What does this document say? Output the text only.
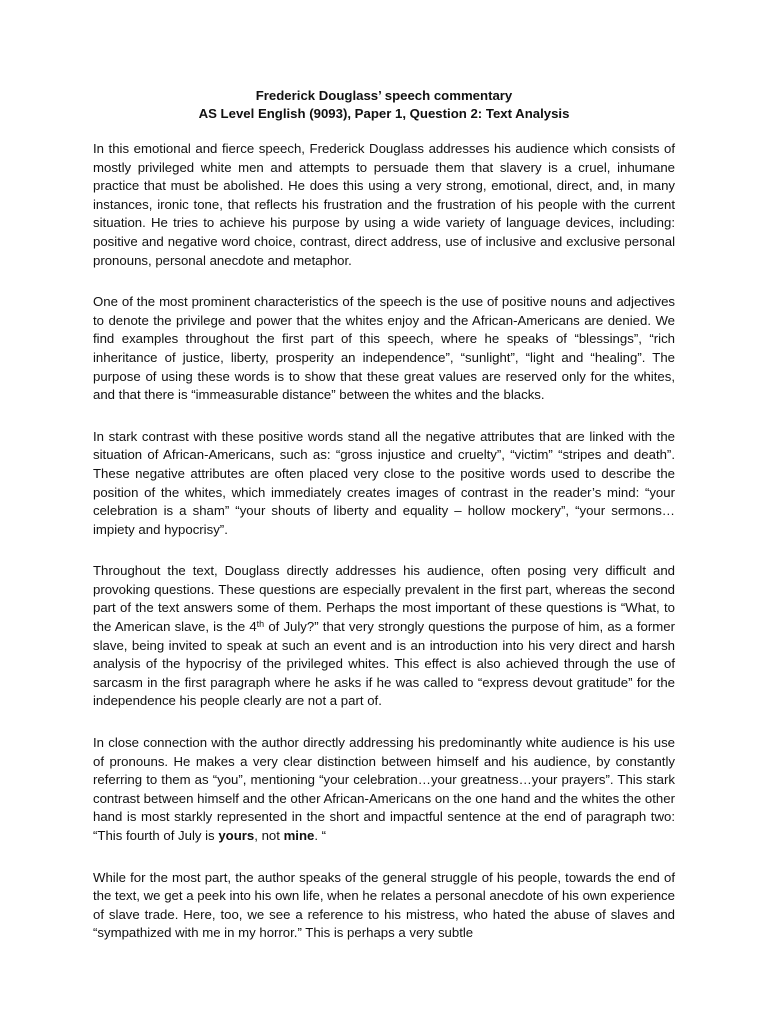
Frederick Douglass’ speech commentary
AS Level English (9093), Paper 1, Question 2: Text Analysis

In this emotional and fierce speech, Frederick Douglass addresses his audience which consists of mostly privileged white men and attempts to persuade them that slavery is a cruel, inhumane practice that must be abolished. He does this using a very strong, emotional, direct, and, in many instances, ironic tone, that reflects his frustration and the frustration of his people with the current situation. He tries to achieve his purpose by using a wide variety of language devices, including: positive and negative word choice, contrast, direct address, use of inclusive and exclusive personal pronouns, personal anecdote and metaphor.

One of the most prominent characteristics of the speech is the use of positive nouns and adjectives to denote the privilege and power that the whites enjoy and the African-Americans are denied. We find examples throughout the first part of this speech, where he speaks of “blessings”, “rich inheritance of justice, liberty, prosperity an independence”, “sunlight”, “light and “healing”. The purpose of using these words is to show that these great values are reserved only for the whites, and that there is “immeasurable distance” between the whites and the blacks.

In stark contrast with these positive words stand all the negative attributes that are linked with the situation of African-Americans, such as: “gross injustice and cruelty”, “victim” “stripes and death”. These negative attributes are often placed very close to the positive words used to describe the position of the whites, which immediately creates images of contrast in the reader’s mind: “your celebration is a sham” “your shouts of liberty and equality – hollow mockery”, “your sermons…impiety and hypocrisy”.

Throughout the text, Douglass directly addresses his audience, often posing very difficult and provoking questions. These questions are especially prevalent in the first part, whereas the second part of the text answers some of them. Perhaps the most important of these questions is “What, to the American slave, is the 4th of July?” that very strongly questions the purpose of him, as a former slave, being invited to speak at such an event and is an introduction into his very direct and harsh analysis of the hypocrisy of the privileged whites. This effect is also achieved through the use of sarcasm in the first paragraph where he asks if he was called to “express devout gratitude” for the independence his people clearly are not a part of.

In close connection with the author directly addressing his predominantly white audience is his use of pronouns. He makes a very clear distinction between himself and his audience, by constantly referring to them as “you”, mentioning “your celebration…your greatness…your prayers”. This stark contrast between himself and the other African-Americans on the one hand and the whites the other hand is most starkly represented in the short and impactful sentence at the end of paragraph two: “This fourth of July is yours, not mine. “

While for the most part, the author speaks of the general struggle of his people, towards the end of the text, we get a peek into his own life, when he relates a personal anecdote of his own experience of slave trade. Here, too, we see a reference to his mistress, who hated the abuse of slaves and “sympathized with me in my horror.” This is perhaps a very subtle
